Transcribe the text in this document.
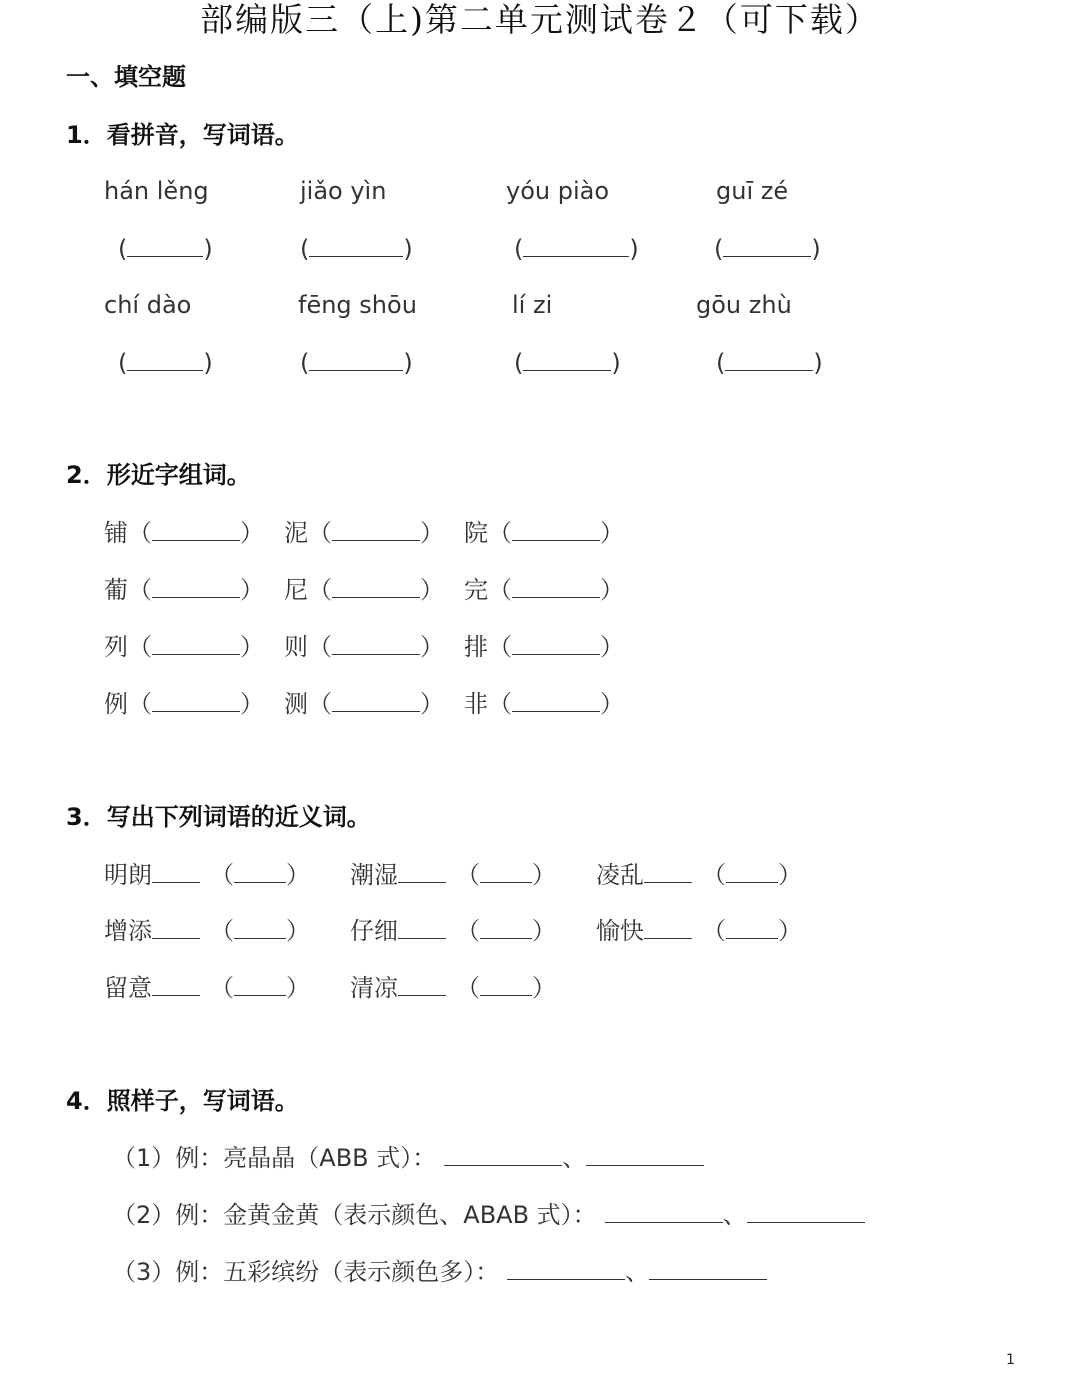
部编版三（上)第二单元测试卷２（可下载）
一、填空题
1．看拼音，写词语。
hán lěng	jiǎo yìn	yóu piào	guī zé
(	)	(	)	(	)	(	)
chí dào	fēng shōu	lí zi	gōu zhù
(	)	(	)	(	)	(	)
2．形近字组词。
铺（	） 泥（	） 院（	）
葡（	） 尼（	） 完（	）
列（	） 则（	） 排（	）
例（	） 测（	） 非（	）
3．写出下列词语的近义词。
明朗 （ ） 潮湿 （ ） 凌乱 （ ）
增添 （ ） 仔细 （ ） 愉快 （ ）
留意 （ ） 清凉 （ ）
4．照样子，写词语。
（1）例：亮晶晶（ABB 式）：	、
（2）例：金黄金黄（表示颜色、ABAB 式）：	、
（3）例：五彩缤纷（表示颜色多）：	、
1
